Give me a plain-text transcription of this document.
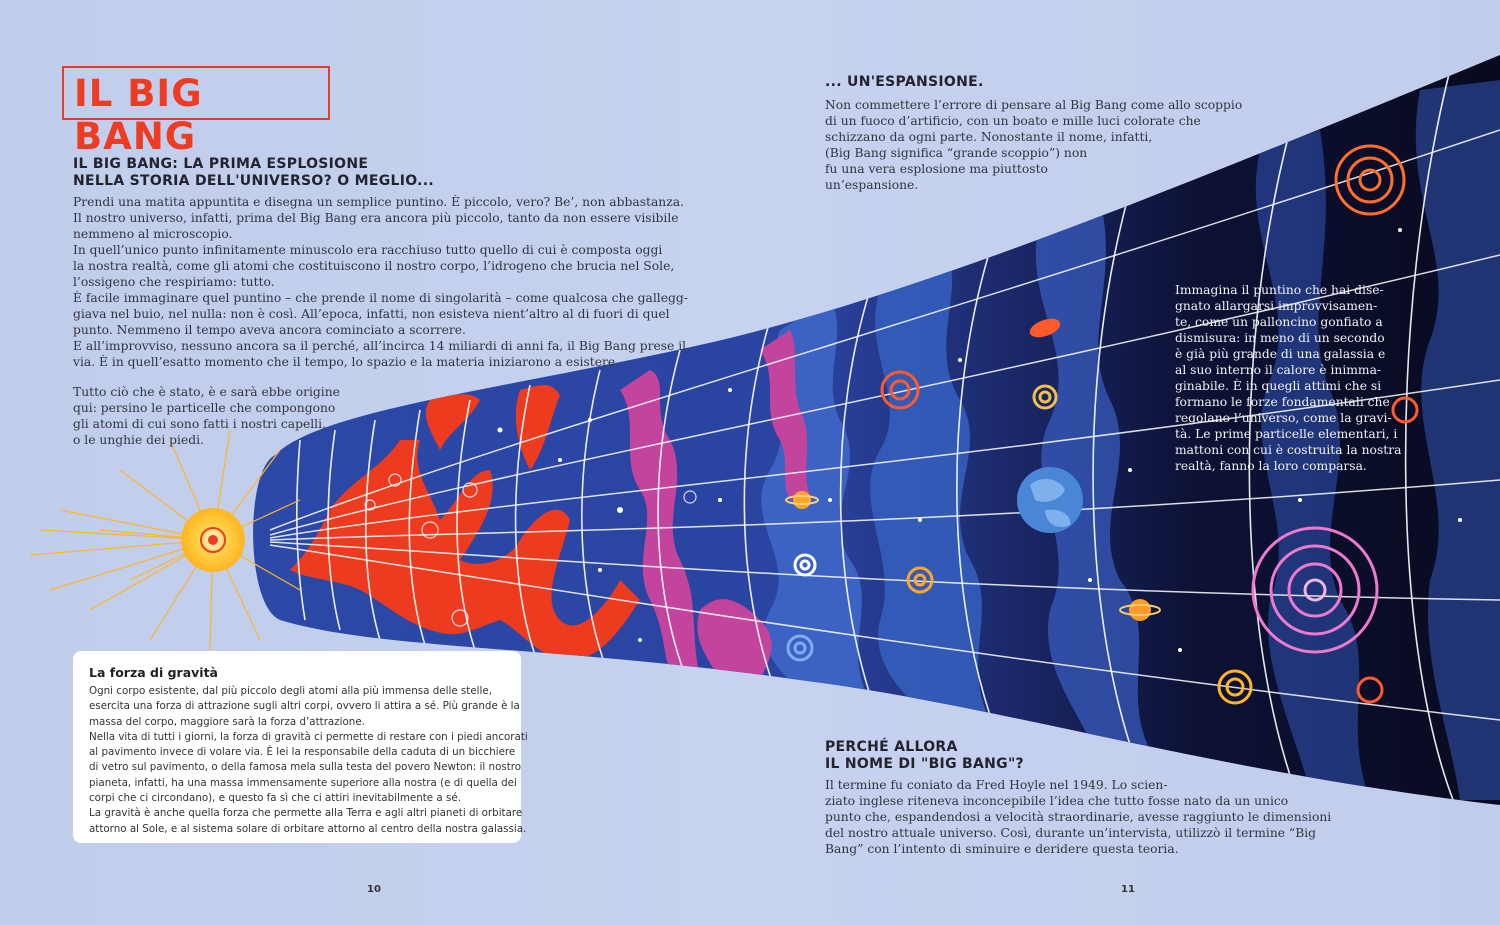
IL BIG BANG
IL BIG BANG: LA PRIMA ESPLOSIONE
NELLA STORIA DELL'UNIVERSO? O MEGLIO...
Prendi una matita appuntita e disegna un semplice puntino. È piccolo, vero? Be’, non abbastanza.
Il nostro universo, infatti, prima del Big Bang era ancora più piccolo, tanto da non essere visibile
nemmeno al microscopio.
In quell’unico punto infinitamente minuscolo era racchiuso tutto quello di cui è composta oggi
la nostra realtà, come gli atomi che costituiscono il nostro corpo, l’idrogeno che brucia nel Sole,
l’ossigeno che respiriamo: tutto.
È facile immaginare quel puntino – che prende il nome di singolarità – come qualcosa che gallegg-
giava nel buio, nel nulla: non è così. All’epoca, infatti, non esisteva nient’altro al di fuori di quel
punto. Nemmeno il tempo aveva ancora cominciato a scorrere.
E all’improvviso, nessuno ancora sa il perché, all’incirca 14 miliardi di anni fa, il Big Bang prese il
via. È in quell’esatto momento che il tempo, lo spazio e la materia iniziarono a esistere.
Tutto ciò che è stato, è e sarà ebbe origine
qui: persino le particelle che compongono
gli atomi di cui sono fatti i nostri capelli,
o le unghie dei piedi.
La forza di gravità
Ogni corpo esistente, dal più piccolo degli atomi alla più immensa delle stelle,
esercita una forza di attrazione sugli altri corpi, ovvero li attira a sé. Più grande è la
massa del corpo, maggiore sarà la forza d’attrazione.
Nella vita di tutti i giorni, la forza di gravità ci permette di restare con i piedi ancorati
al pavimento invece di volare via. È lei la responsabile della caduta di un bicchiere
di vetro sul pavimento, o della famosa mela sulla testa del povero Newton: il nostro
pianeta, infatti, ha una massa immensamente superiore alla nostra (e di quella dei
corpi che ci circondano), e questo fa sì che ci attiri inevitabilmente a sé.
La gravità è anche quella forza che permette alla Terra e agli altri pianeti di orbitare
attorno al Sole, e al sistema solare di orbitare attorno al centro della nostra galassia.
... UN'ESPANSIONE.
Non commettere l’errore di pensare al Big Bang come allo scoppio
di un fuoco d’artificio, con un boato e mille luci colorate che
schizzano da ogni parte. Nonostante il nome, infatti,
(Big Bang significa “grande scoppio”) non
fu una vera esplosione ma piuttosto
un’espansione.
Immagina il puntino che hai dise-
gnato allargarsi improvvisamen-
te, come un palloncino gonfiato a
dismisura: in meno di un secondo
è già più grande di una galassia e
al suo interno il calore è inimma-
ginabile. È in quegli attimi che si
formano le forze fondamentali che
regolano l’universo, come la gravi-
tà. Le prime particelle elementari, i
mattoni con cui è costruita la nostra
realtà, fanno la loro comparsa.
PERCHÉ ALLORA
IL NOME DI "BIG BANG"?
Il termine fu coniato da Fred Hoyle nel 1949. Lo scien-
ziato inglese riteneva inconcepibile l’idea che tutto fosse nato da un unico
punto che, espandendosi a velocità straordinarie, avesse raggiunto le dimensioni
del nostro attuale universo. Così, durante un’intervista, utilizzò il termine “Big
Bang” con l’intento di sminuire e deridere questa teoria.
10	11
